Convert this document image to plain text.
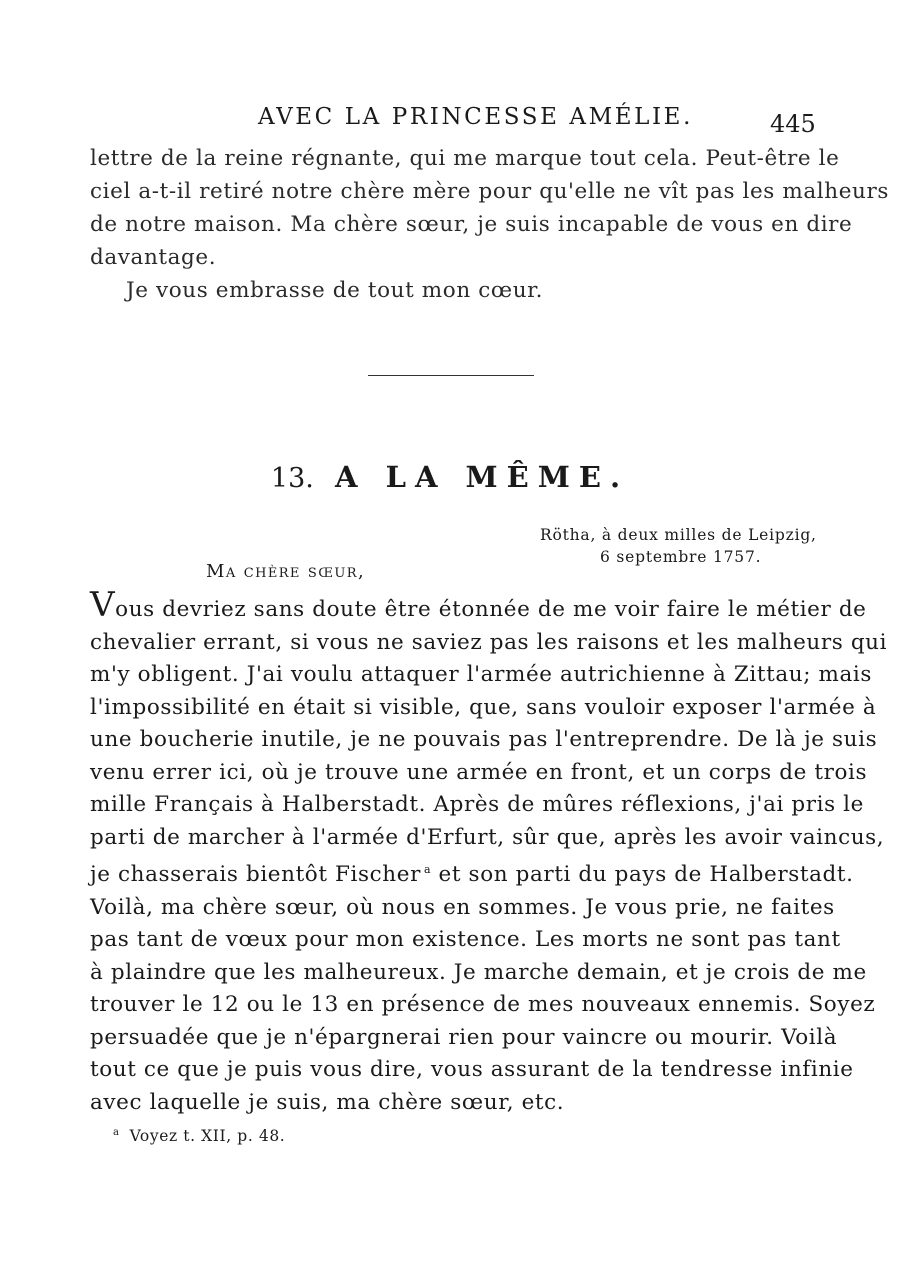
AVEC LA PRINCESSE AMÉLIE.	445
lettre de la reine régnante, qui me marque tout cela. Peut-être le
ciel a-t-il retiré notre chère mère pour qu'elle ne vît pas les malheurs
de notre maison. Ma chère sœur, je suis incapable de vous en dire
davantage.
Je vous embrasse de tout mon cœur.
13. A LA MÊME.
Rötha, à deux milles de Leipzig,
6 septembre 1757.
Ma chère sœur,
Vous devriez sans doute être étonnée de me voir faire le métier de
chevalier errant, si vous ne saviez pas les raisons et les malheurs qui
m'y obligent. J'ai voulu attaquer l'armée autrichienne à Zittau; mais
l'impossibilité en était si visible, que, sans vouloir exposer l'armée à
une boucherie inutile, je ne pouvais pas l'entreprendre. De là je suis
venu errer ici, où je trouve une armée en front, et un corps de trois
mille Français à Halberstadt. Après de mûres réflexions, j'ai pris le
parti de marcher à l'armée d'Erfurt, sûr que, après les avoir vaincus,
je chasserais bientôt Fischer $^a$ et son parti du pays de Halberstadt.
Voilà, ma chère sœur, où nous en sommes. Je vous prie, ne faites
pas tant de vœux pour mon existence. Les morts ne sont pas tant
à plaindre que les malheureux. Je marche demain, et je crois de me
trouver le 12 ou le 13 en présence de mes nouveaux ennemis. Soyez
persuadée que je n'épargnerai rien pour vaincre ou mourir. Voilà
tout ce que je puis vous dire, vous assurant de la tendresse infinie
avec laquelle je suis, ma chère sœur, etc.
$^a$ Voyez t. XII, p. 48.
